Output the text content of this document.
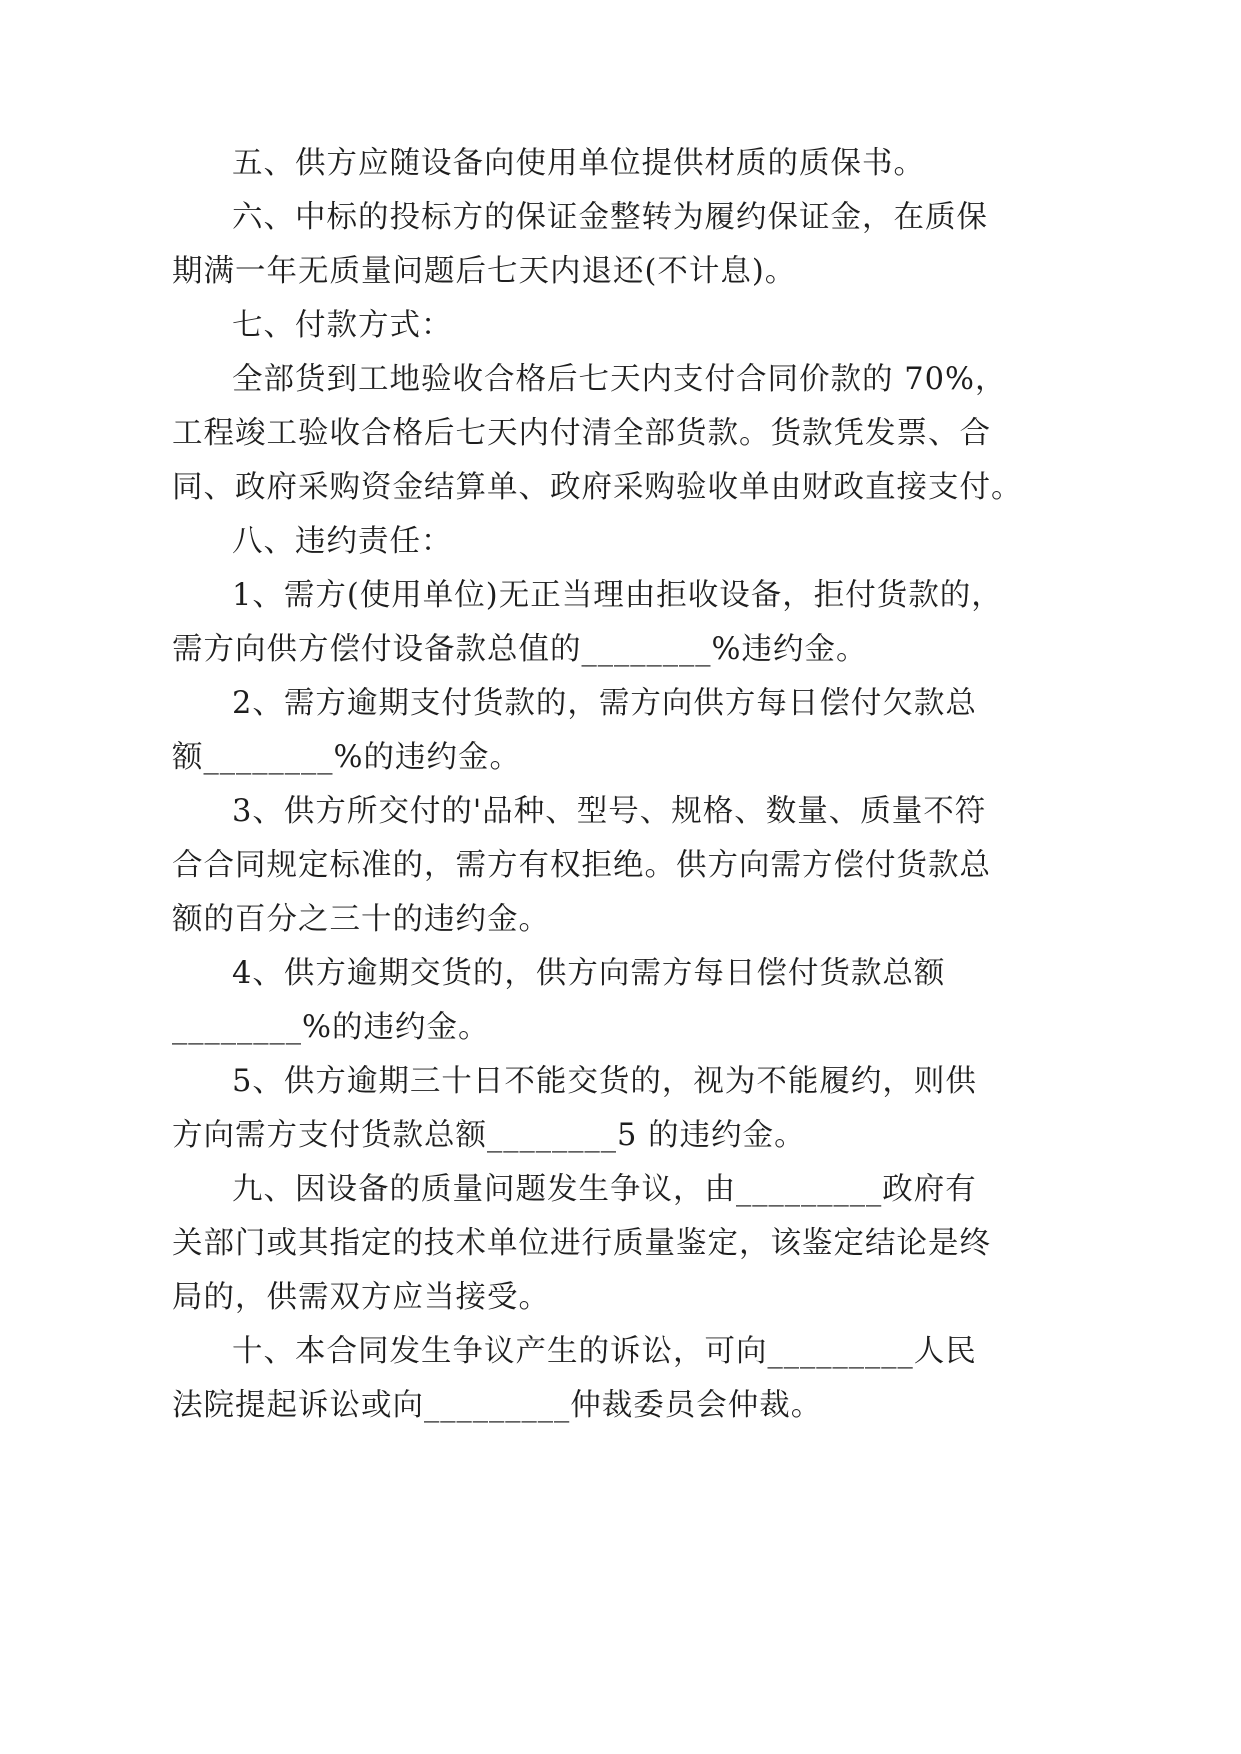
五、供方应随设备向使用单位提供材质的质保书。

六、中标的投标方的保证金整转为履约保证金，在质保

期满一年无质量问题后七天内退还(不计息)。

七、付款方式：

全部货到工地验收合格后七天内支付合同价款的 70%，

工程竣工验收合格后七天内付清全部货款。货款凭发票、合

同、政府采购资金结算单、政府采购验收单由财政直接支付。

八、违约责任：

1、需方(使用单位)无正当理由拒收设备，拒付货款的，

需方向供方偿付设备款总值的________%违约金。

2、需方逾期支付货款的，需方向供方每日偿付欠款总

额________%的违约金。

3、供方所交付的'品种、型号、规格、数量、质量不符

合合同规定标准的，需方有权拒绝。供方向需方偿付货款总

额的百分之三十的违约金。

4、供方逾期交货的，供方向需方每日偿付货款总额

________%的违约金。

5、供方逾期三十日不能交货的，视为不能履约，则供

方向需方支付货款总额________5 的违约金。

九、因设备的质量问题发生争议，由_________政府有

关部门或其指定的技术单位进行质量鉴定，该鉴定结论是终

局的，供需双方应当接受。

十、本合同发生争议产生的诉讼，可向_________人民

法院提起诉讼或向_________仲裁委员会仲裁。
